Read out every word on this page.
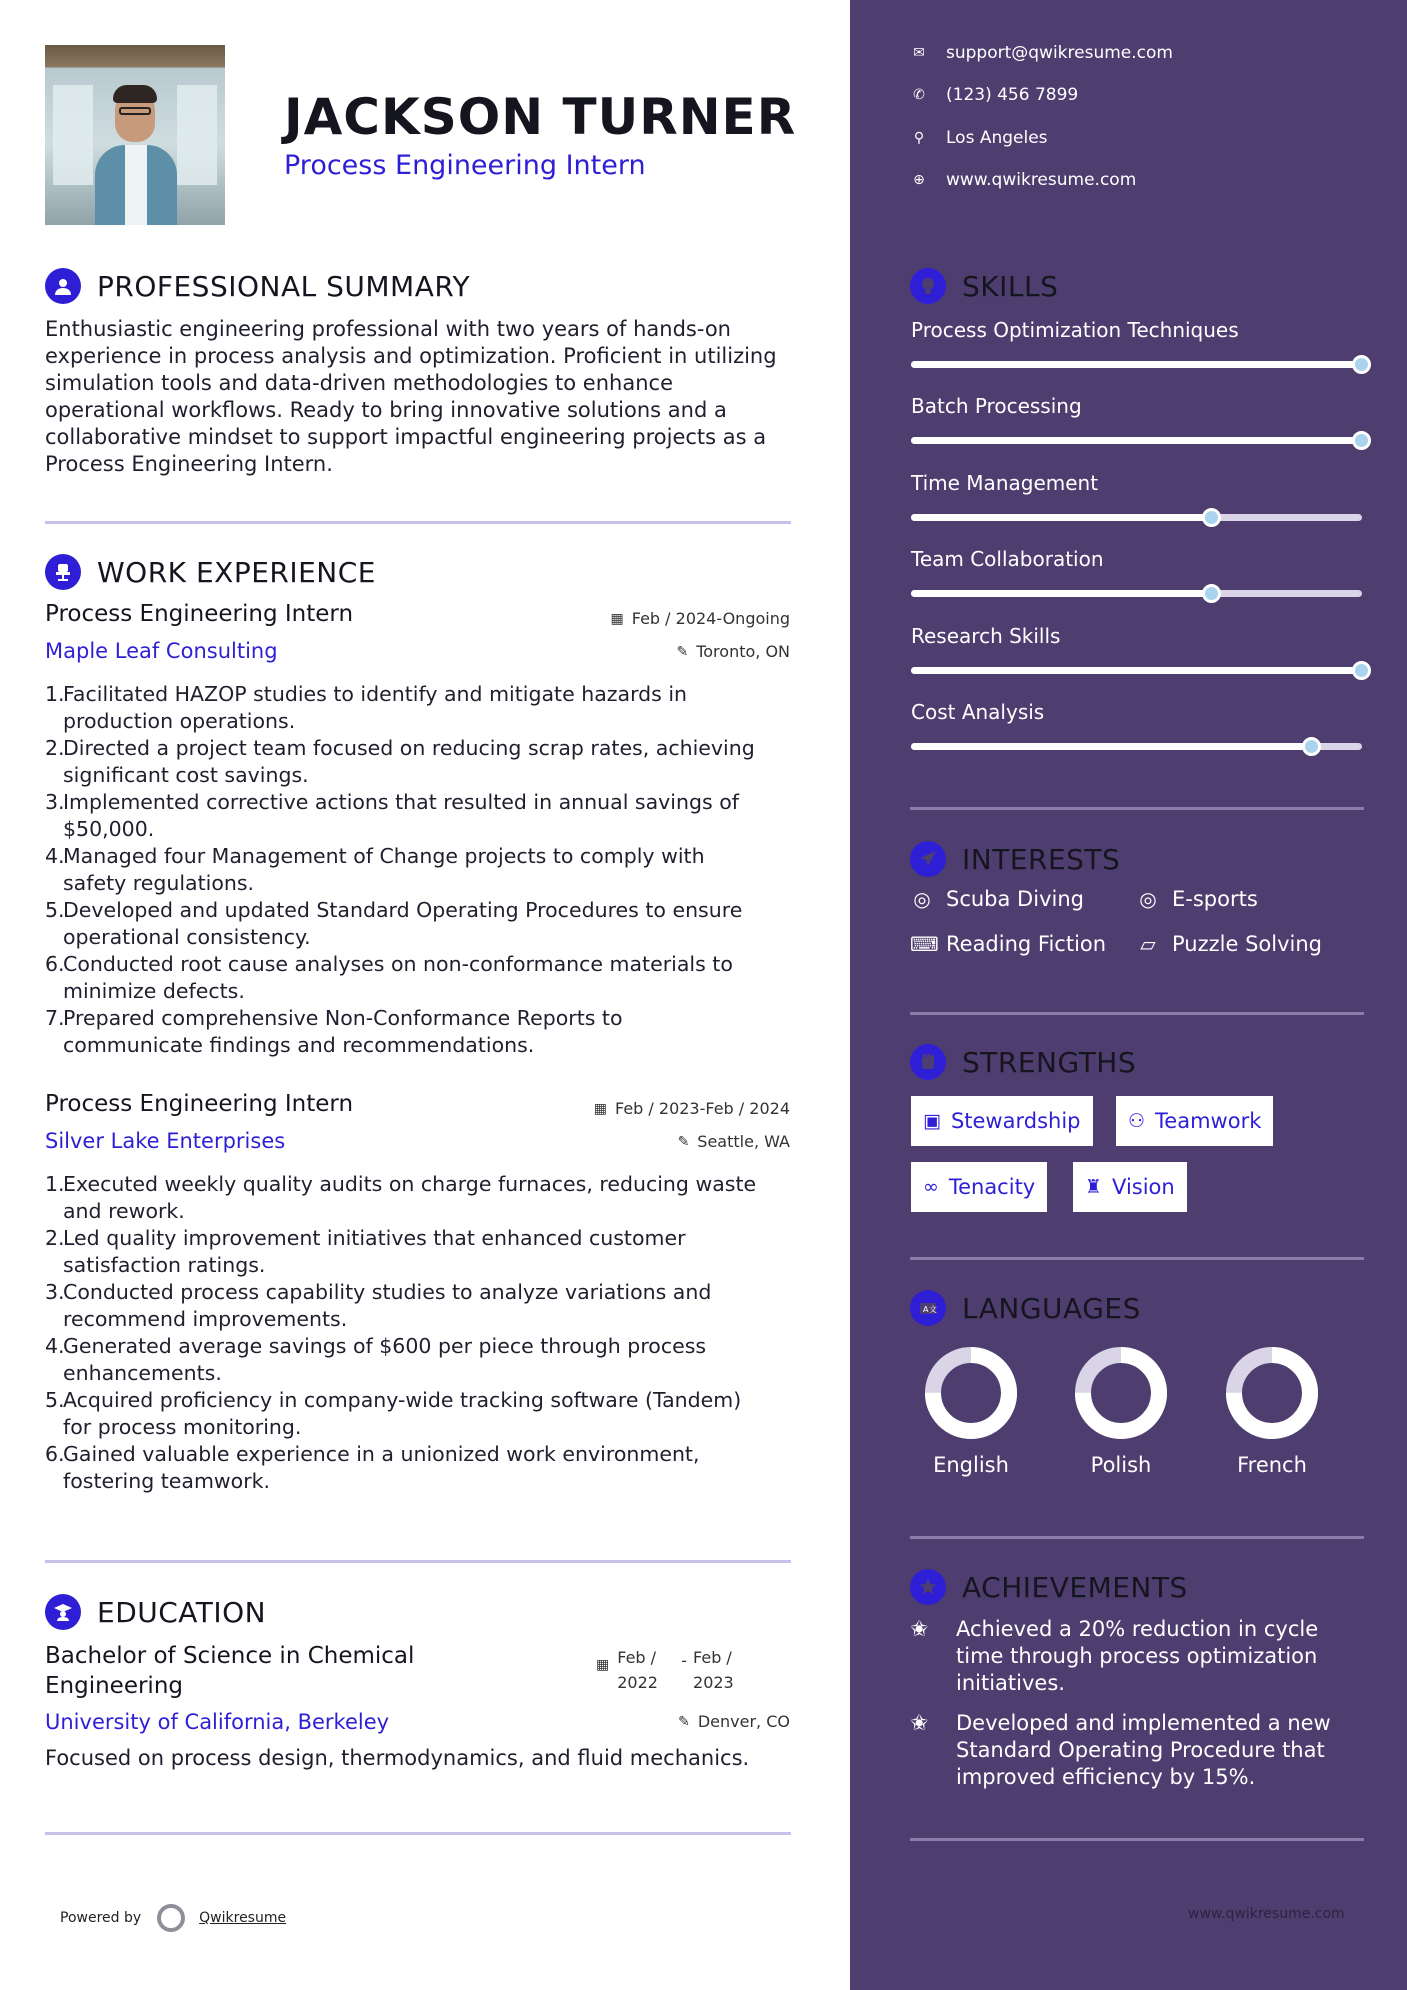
JACKSON TURNER
Process Engineering Intern
PROFESSIONAL SUMMARY
Enthusiastic engineering professional with two years of hands-on
experience in process analysis and optimization. Proficient in utilizing
simulation tools and data-driven methodologies to enhance
operational workflows. Ready to bring innovative solutions and a
collaborative mindset to support impactful engineering projects as a
Process Engineering Intern.
WORK EXPERIENCE
Process Engineering Intern	▦ Feb / 2024-Ongoing
Maple Leaf Consulting	✎ Toronto, ON
1.
Facilitated HAZOP studies to identify and mitigate hazards in
production operations.
2.
Directed a project team focused on reducing scrap rates, achieving
significant cost savings.
3.
Implemented corrective actions that resulted in annual savings of
$50,000.
4.
Managed four Management of Change projects to comply with
safety regulations.
5.
Developed and updated Standard Operating Procedures to ensure
operational consistency.
6.
Conducted root cause analyses on non-conformance materials to
minimize defects.
7.
Prepared comprehensive Non-Conformance Reports to
communicate findings and recommendations.
Process Engineering Intern	▦ Feb / 2023-Feb / 2024
Silver Lake Enterprises	✎ Seattle, WA
1.
Executed weekly quality audits on charge furnaces, reducing waste
and rework.
2.
Led quality improvement initiatives that enhanced customer
satisfaction ratings.
3.
Conducted process capability studies to analyze variations and
recommend improvements.
4.
Generated average savings of $600 per piece through process
enhancements.
5.
Acquired proficiency in company-wide tracking software (Tandem)
for process monitoring.
6.
Gained valuable experience in a unionized work environment,
fostering teamwork.
EDUCATION
Bachelor of Science in Chemical
Engineering
▦ Feb /
2022
- Feb /
2023
University of California, Berkeley	✎ Denver, CO
Focused on process design, thermodynamics, and fluid mechanics.
Powered by	Qwikresume
✉ support@qwikresume.com
✆ (123) 456 7899
⚲ Los Angeles
⊕ www.qwikresume.com
SKILLS
INTERESTS
◎ Scuba Diving	◎ E-sports
⌨ Reading Fiction ▱ Puzzle Solving
STRENGTHS
▣ Stewardship	⚇ Teamwork
∞ Tenacity	♜ Vision
A 文 LANGUAGES
ACHIEVEMENTS
✬	Achieved a 20% reduction in cycle
time through process optimization
initiatives.
✬	Developed and implemented a new
Standard Operating Procedure that
improved efficiency by 15%.
www.qwikresume.com
Process Optimization Techniques
Batch Processing
Time Management
Team Collaboration
Research Skills
Cost Analysis
English	Polish	French
